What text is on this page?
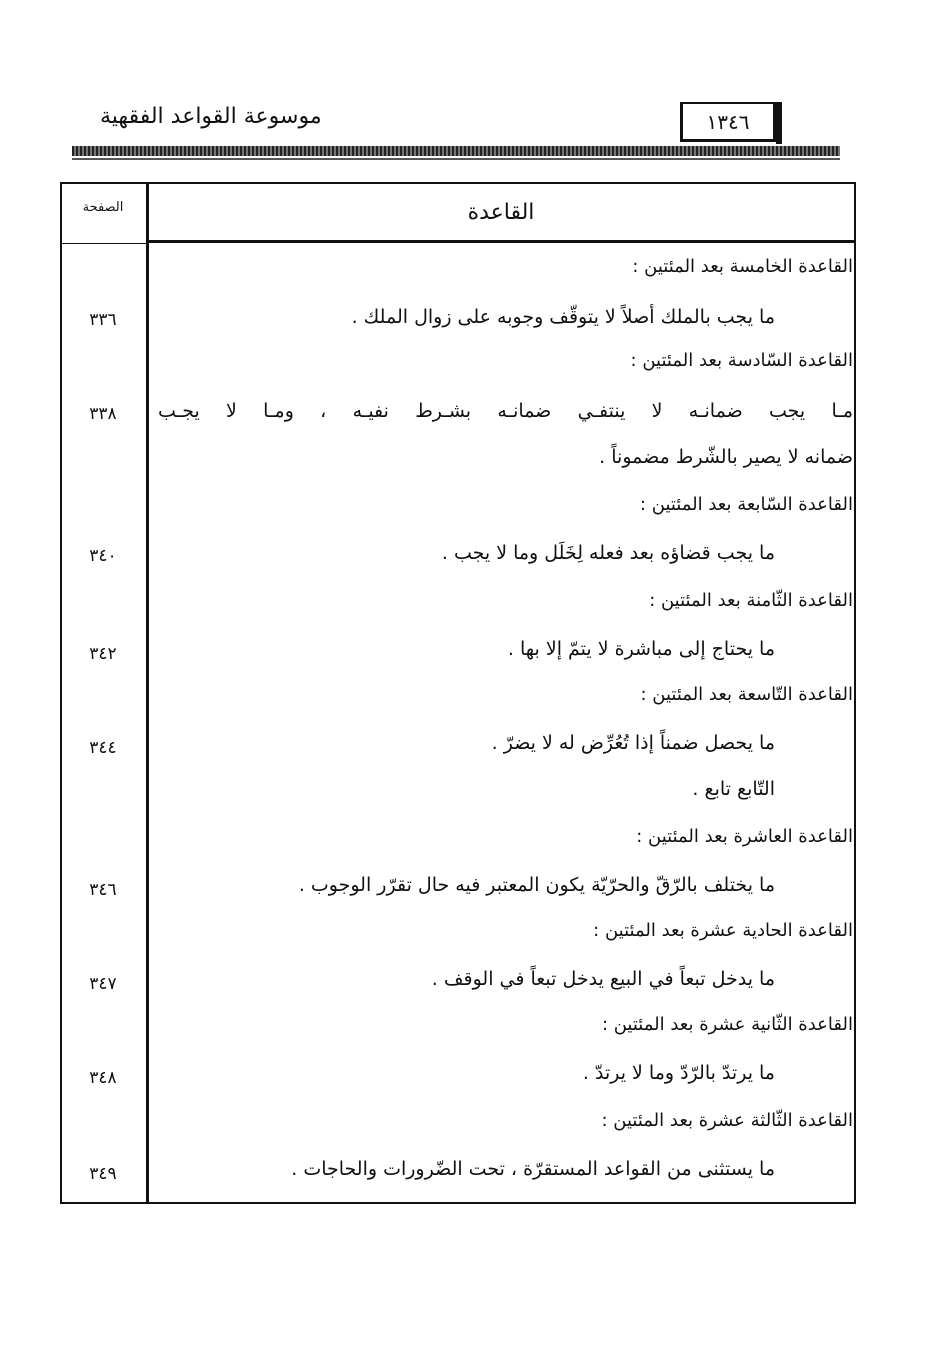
موسوعة القواعد الفقهية	١٣٤٦
القاعدة
الصفحة
القاعدة الخامسة بعد المئتين :
ما يجب بالملك أصلاً لا يتوقّف وجوبه على زوال الملك .
٣٣٦
القاعدة السّادسة بعد المئتين :
مـا يجب ضمانـه لا ينتفـي ضمانـه بشـرط نفيـه ، ومـا لا يجـب
٣٣٨
ضمانه لا يصير بالشّرط مضموناً .
القاعدة السّابعة بعد المئتين :
ما يجب قضاؤه بعد فعله لِخَلَل وما لا يجب .
٣٤٠
القاعدة الثّامنة بعد المئتين :
ما يحتاج إلى مباشرة لا يتمّ إلا بها .
٣٤٢
القاعدة التّاسعة بعد المئتين :
ما يحصل ضمناً إذا تُعُرِّض له لا يضرّ .
٣٤٤
التّابع تابع .
القاعدة العاشرة بعد المئتين :
ما يختلف بالرّقّ والحرّيّة يكون المعتبر فيه حال تقرّر الوجوب .
٣٤٦
القاعدة الحادية عشرة بعد المئتين :
ما يدخل تبعاً في البيع يدخل تبعاً في الوقف .
٣٤٧
القاعدة الثّانية عشرة بعد المئتين :
ما يرتدّ بالرّدّ وما لا يرتدّ .
٣٤٨
القاعدة الثّالثة عشرة بعد المئتين :
ما يستثنى من القواعد المستقرّة ، تحت الضّرورات والحاجات .
٣٤٩
